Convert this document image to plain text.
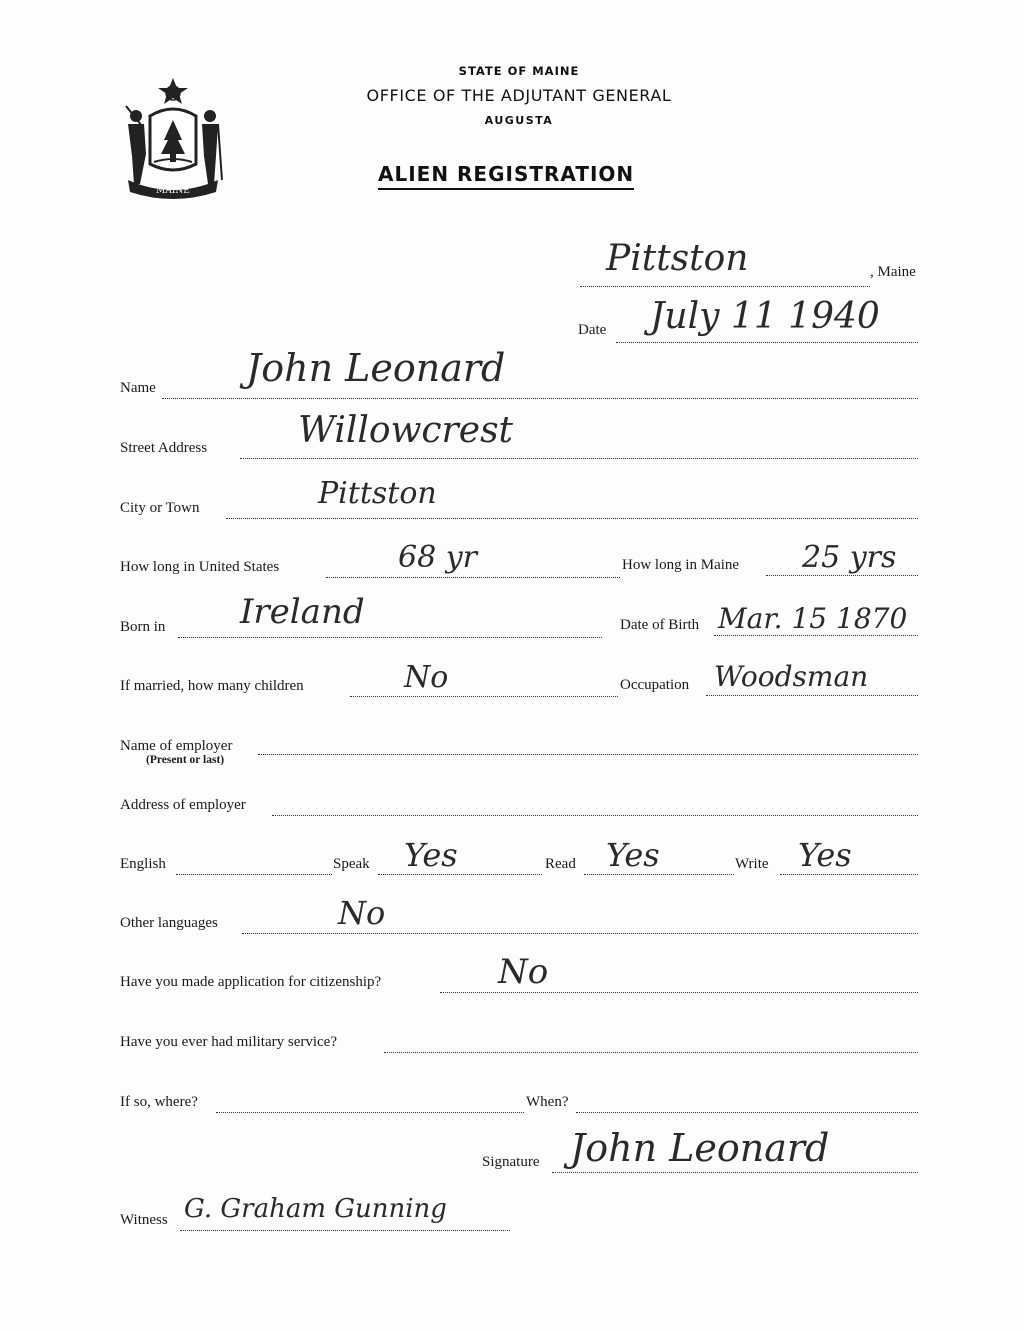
MAINE
STATE OF MAINE
OFFICE OF THE ADJUTANT GENERAL
AUGUSTA
ALIEN REGISTRATION
Pittston	, Maine
Date July 11 1940
Name John Leonard
Street Address	Willowcrest
City or Town	Pittston
How long in United States	68 yr	How long in Maine 25 yrs
Born in Ireland	Date of Birth Mar. 15 1870
If married, how many children	No	Occupation Woodsman
Name of employer
(Present or last)
Address of employer
English	Speak Yes	Read Yes	Write Yes
Other languages	No
Have you made application for citizenship?	No
Have you ever had military service?
If so, where?	When?
Signature John Leonard
Witness G. Graham Gunning
